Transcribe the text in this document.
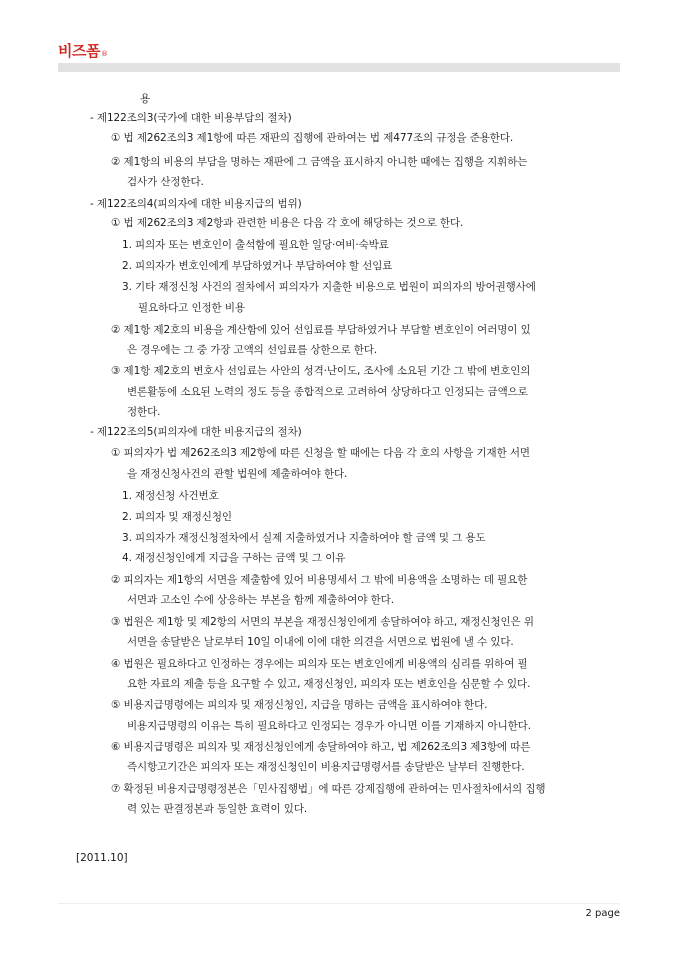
비즈폼 ®
용
- 제122조의3(국가에 대한 비용부담의 절차)
① 법 제262조의3 제1항에 따른 재판의 집행에 관하여는 법 제477조의 규정을 준용한다.
② 제1항의 비용의 부담을 명하는 재판에 그 금액을 표시하지 아니한 때에는 집행을 지휘하는
검사가 산정한다.
- 제122조의4(피의자에 대한 비용지급의 범위)
① 법 제262조의3 제2항과 관련한 비용은 다음 각 호에 해당하는 것으로 한다.
1. 피의자 또는 변호인이 출석함에 필요한 일당·여비·숙박료
2. 피의자가 변호인에게 부담하였거나 부담하여야 할 선임료
3. 기타 재정신청 사건의 절차에서 피의자가 지출한 비용으로 법원이 피의자의 방어권행사에
필요하다고 인정한 비용
② 제1항 제2호의 비용을 계산함에 있어 선임료를 부담하였거나 부담할 변호인이 여러명이 있
은 경우에는 그 중 가장 고액의 선임료를 상한으로 한다.
③ 제1항 제2호의 변호사 선임료는 사안의 성격·난이도, 조사에 소요된 기간 그 밖에 변호인의
변론활동에 소요된 노력의 정도 등을 종합적으로 고려하여 상당하다고 인정되는 금액으로
정한다.
- 제122조의5(피의자에 대한 비용지급의 절차)
① 피의자가 법 제262조의3 제2항에 따른 신청을 할 때에는 다음 각 호의 사항을 기재한 서면
을 재정신청사건의 관할 법원에 제출하여야 한다.
1. 재정신청 사건번호
2. 피의자 및 재정신청인
3. 피의자가 재정신청절차에서 실제 지출하였거나 지출하여야 할 금액 및 그 용도
4. 재정신청인에게 지급을 구하는 금액 및 그 이유
② 피의자는 제1항의 서면을 제출함에 있어 비용명세서 그 밖에 비용액을 소명하는 데 필요한
서면과 고소인 수에 상응하는 부본을 함께 제출하여야 한다.
③ 법원은 제1항 및 제2항의 서면의 부본을 재정신청인에게 송달하여야 하고, 재정신청인은 위
서면을 송달받은 날로부터 10일 이내에 이에 대한 의견을 서면으로 법원에 낼 수 있다.
④ 법원은 필요하다고 인정하는 경우에는 피의자 또는 변호인에게 비용액의 심리를 위하여 필
요한 자료의 제출 등을 요구할 수 있고, 재정신청인, 피의자 또는 변호인을 심문할 수 있다.
⑤ 비용지급명령에는 피의자 및 재정신청인, 지급을 명하는 금액을 표시하여야 한다.
비용지급명령의 이유는 특히 필요하다고 인정되는 경우가 아니면 이를 기재하지 아니한다.
⑥ 비용지급명령은 피의자 및 재정신청인에게 송달하여야 하고, 법 제262조의3 제3항에 따른
즉시항고기간은 피의자 또는 재정신청인이 비용지급명령서를 송달받은 날부터 진행한다.
⑦ 확정된 비용지급명령정본은「민사집행법」에 따른 강제집행에 관하여는 민사절차에서의 집행
력 있는 판결정본과 동일한 효력이 있다.
[2011.10]
2 page
